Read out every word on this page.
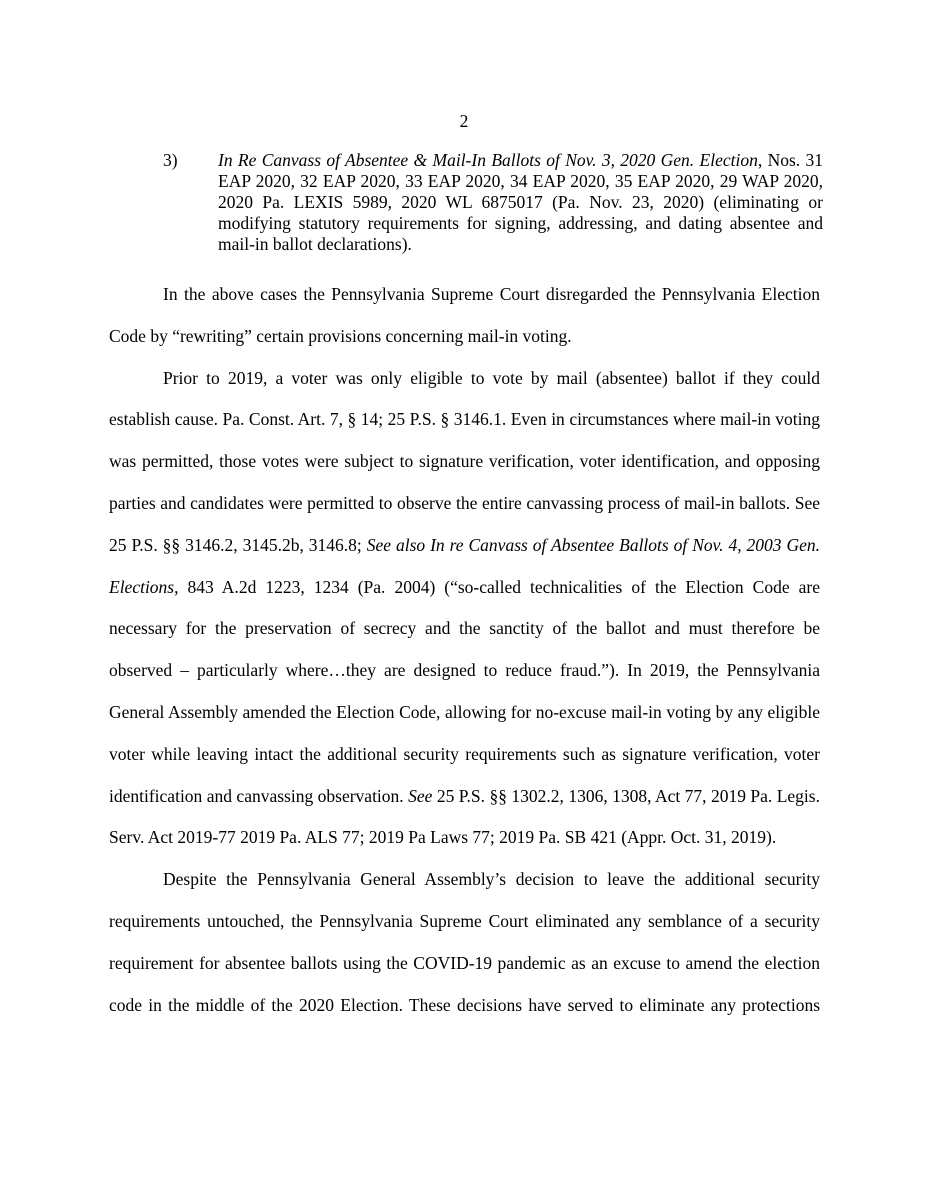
2
3) In Re Canvass of Absentee & Mail-In Ballots of Nov. 3, 2020 Gen. Election, Nos. 31 EAP 2020, 32 EAP 2020, 33 EAP 2020, 34 EAP 2020, 35 EAP 2020, 29 WAP 2020, 2020 Pa. LEXIS 5989, 2020 WL 6875017 (Pa. Nov. 23, 2020) (eliminating or modifying statutory requirements for signing, addressing, and dating absentee and mail-in ballot declarations).

In the above cases the Pennsylvania Supreme Court disregarded the Pennsylvania Election Code by “rewriting” certain provisions concerning mail-in voting.

Prior to 2019, a voter was only eligible to vote by mail (absentee) ballot if they could establish cause. Pa. Const. Art. 7, § 14; 25 P.S. § 3146.1. Even in circumstances where mail-in voting was permitted, those votes were subject to signature verification, voter identification, and opposing parties and candidates were permitted to observe the entire canvassing process of mail-in ballots. See 25 P.S. §§ 3146.2, 3145.2b, 3146.8; See also In re Canvass of Absentee Ballots of Nov. 4, 2003 Gen. Elections, 843 A.2d 1223, 1234 (Pa. 2004) (“so-called technicalities of the Election Code are necessary for the preservation of secrecy and the sanctity of the ballot and must therefore be observed – particularly where…they are designed to reduce fraud.”). In 2019, the Pennsylvania General Assembly amended the Election Code, allowing for no-excuse mail-in voting by any eligible voter while leaving intact the additional security requirements such as signature verification, voter identification and canvassing observation. See 25 P.S. §§ 1302.2, 1306, 1308, Act 77, 2019 Pa. Legis. Serv. Act 2019-77 2019 Pa. ALS 77; 2019 Pa Laws 77; 2019 Pa. SB 421 (Appr. Oct. 31, 2019).

Despite the Pennsylvania General Assembly’s decision to leave the additional security requirements untouched, the Pennsylvania Supreme Court eliminated any semblance of a security requirement for absentee ballots using the COVID-19 pandemic as an excuse to amend the election code in the middle of the 2020 Election. These decisions have served to eliminate any protections
